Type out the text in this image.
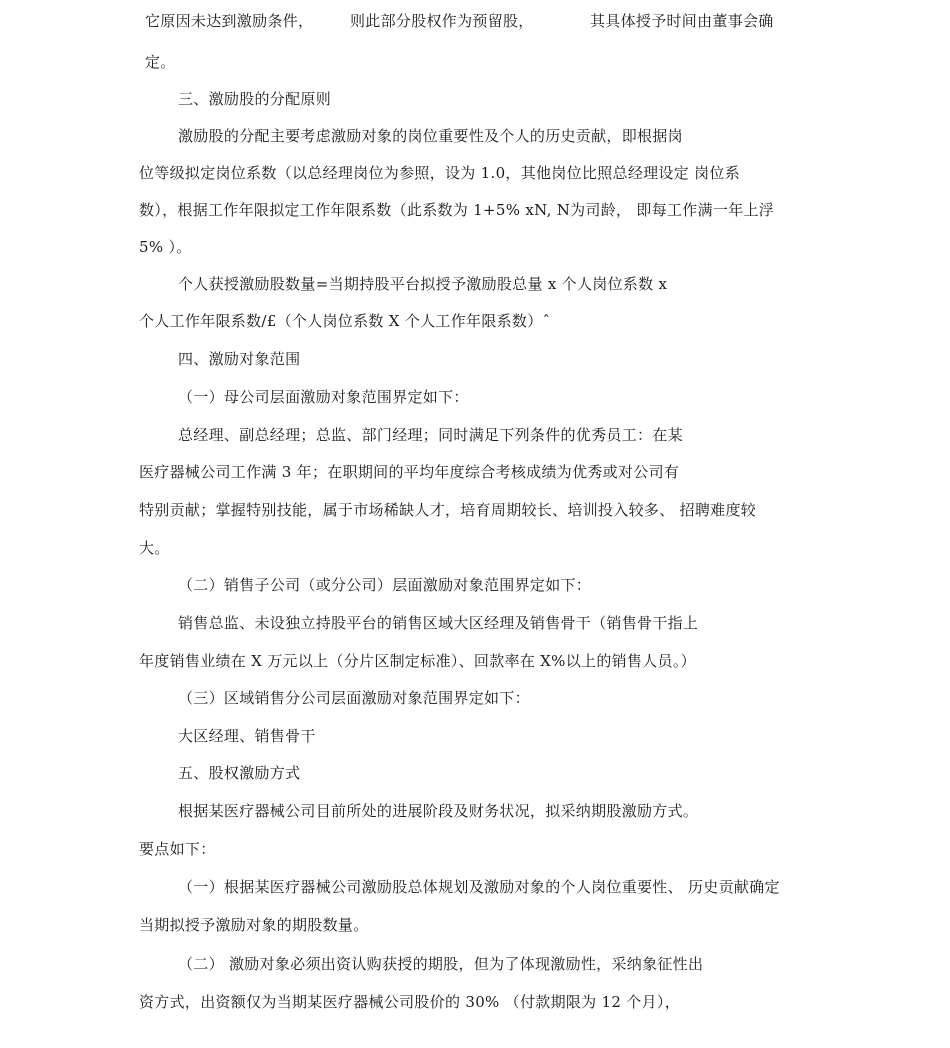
它原因未达到激励条件， 则此部分股权作为预留股，	其具体授予时间由董事会确
定。
三、激励股的分配原则
激励股的分配主要考虑激励对象的岗位重要性及个人的历史贡献，即根据岗
位等级拟定岗位系数（以总经理岗位为参照，设为 1.0，其他岗位比照总经理设定 岗位系
数），根据工作年限拟定工作年限系数（此系数为 1+5% xN, N为司龄， 即每工作满一年上浮
5% ）。
个人获授激励股数量=当期持股平台拟授予激励股总量 x 个人岗位系数 x
个人工作年限系数/£（个人岗位系数 X 个人工作年限系数）ˆ
四、激励对象范围
（一）母公司层面激励对象范围界定如下：
总经理、副总经理；总监、部门经理；同时满足下列条件的优秀员工：在某
医疗器械公司工作满 3 年；在职期间的平均年度综合考核成绩为优秀或对公司有
特别贡献；掌握特别技能，属于市场稀缺人才，培育周期较长、培训投入较多、 招聘难度较
大。
（二）销售子公司（或分公司）层面激励对象范围界定如下：
销售总监、未设独立持股平台的销售区域大区经理及销售骨干（销售骨干指上
年度销售业绩在 X 万元以上（分片区制定标准）、回款率在 X%以上的销售人员。）
（三）区域销售分公司层面激励对象范围界定如下：
大区经理、销售骨干
五、股权激励方式
根据某医疗器械公司目前所处的进展阶段及财务状况，拟采纳期股激励方式。
要点如下：
（一）根据某医疗器械公司激励股总体规划及激励对象的个人岗位重要性、 历史贡献确定
当期拟授予激励对象的期股数量。
（二） 激励对象必须出资认购获授的期股，但为了体现激励性，采纳象征性出
资方式，出资额仅为当期某医疗器械公司股价的 30% （付款期限为 12 个月），
